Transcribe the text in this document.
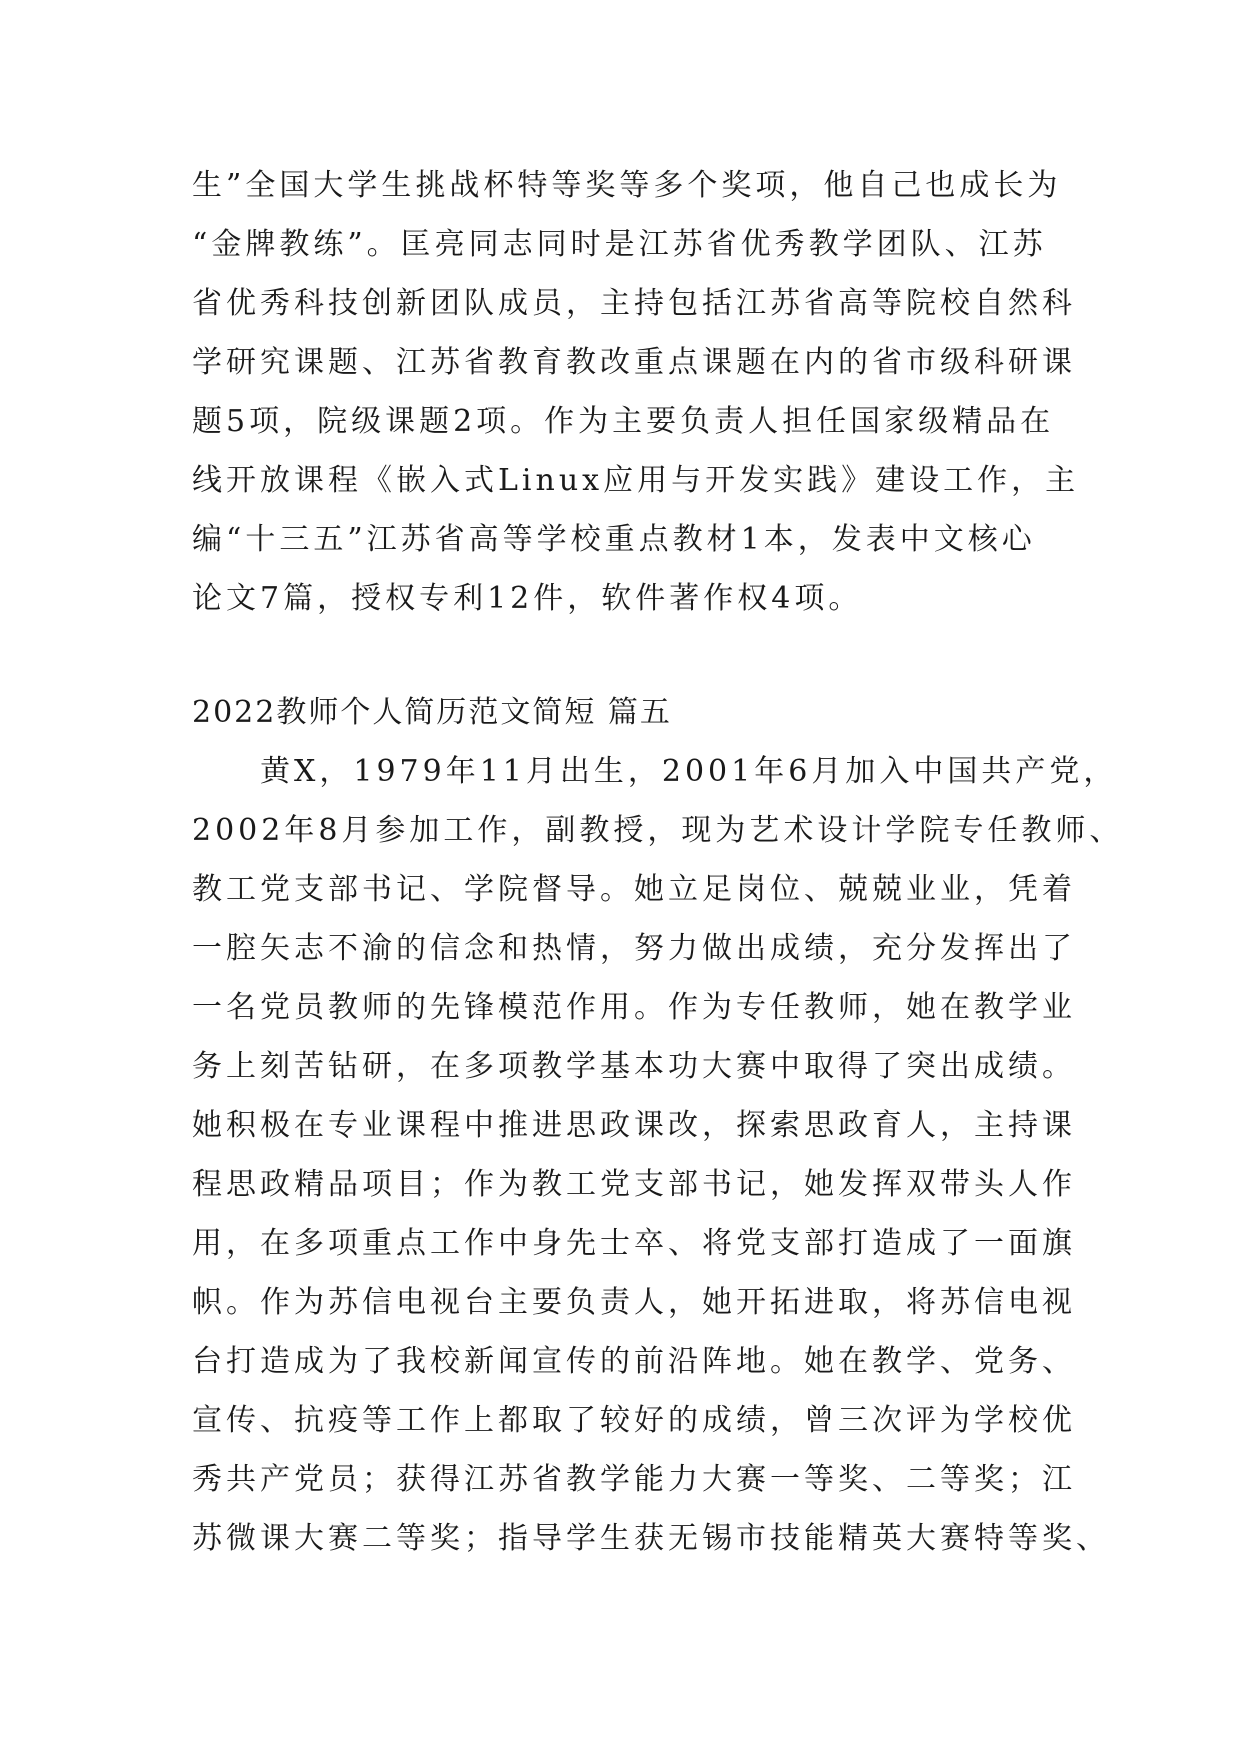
生”全国大学生挑战杯特等奖等多个奖项，他自己也成长为
“金牌教练”。匡亮同志同时是江苏省优秀教学团队、江苏
省优秀科技创新团队成员，主持包括江苏省高等院校自然科
学研究课题、江苏省教育教改重点课题在内的省市级科研课
题5项，院级课题2项。作为主要负责人担任国家级精品在
线开放课程《嵌入式Linux应用与开发实践》建设工作，主
编“十三五”江苏省高等学校重点教材1本，发表中文核心
论文7篇，授权专利12件，软件著作权4项。
2022教师个人简历范文简短 篇五
　　黄X，1979年11月出生，2001年6月加入中国共产党，
2002年8月参加工作，副教授，现为艺术设计学院专任教师、
教工党支部书记、学院督导。她立足岗位、兢兢业业，凭着
一腔矢志不渝的信念和热情，努力做出成绩，充分发挥出了
一名党员教师的先锋模范作用。作为专任教师，她在教学业
务上刻苦钻研，在多项教学基本功大赛中取得了突出成绩。
她积极在专业课程中推进思政课改，探索思政育人，主持课
程思政精品项目；作为教工党支部书记，她发挥双带头人作
用，在多项重点工作中身先士卒、将党支部打造成了一面旗
帜。作为苏信电视台主要负责人，她开拓进取，将苏信电视
台打造成为了我校新闻宣传的前沿阵地。她在教学、党务、
宣传、抗疫等工作上都取了较好的成绩，曾三次评为学校优
秀共产党员；获得江苏省教学能力大赛一等奖、二等奖；江
苏微课大赛二等奖；指导学生获无锡市技能精英大赛特等奖、
